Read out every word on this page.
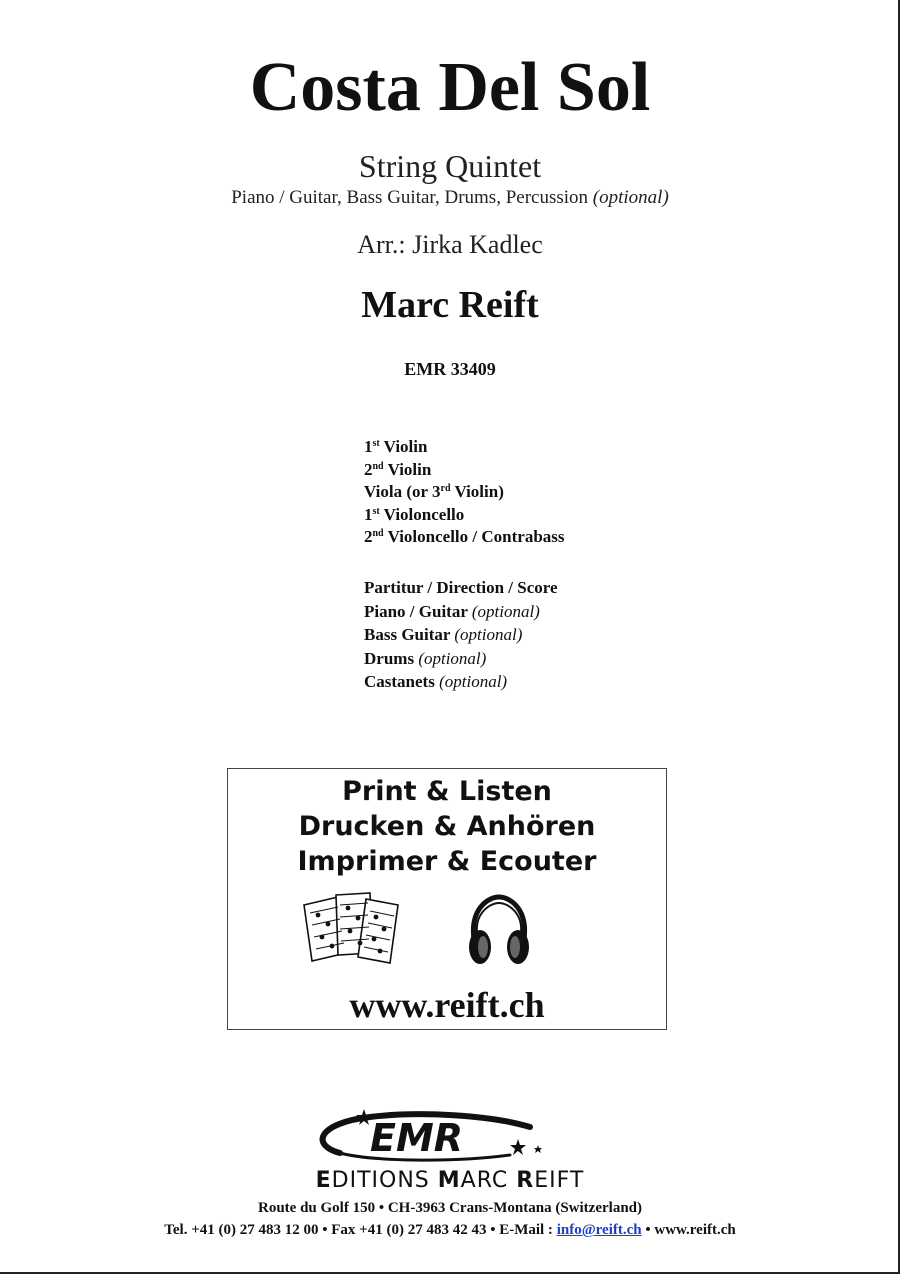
Costa Del Sol
String Quintet
Piano / Guitar, Bass Guitar, Drums, Percussion (optional)
Arr.: Jirka Kadlec
Marc Reift
EMR 33409
1st Violin
2nd Violin
Viola (or 3rd Violin)
1st Violoncello
2nd Violoncello / Contrabass
Partitur / Direction / Score
Piano / Guitar (optional)
Bass Guitar (optional)
Drums (optional)
Castanets (optional)
Print & Listen
Drucken & Anhören
Imprimer & Ecouter
www.reift.ch
EMR
EDITIONS MARC REIFT
Route du Golf 150 • CH-3963 Crans-Montana (Switzerland)
Tel. +41 (0) 27 483 12 00 • Fax +41 (0) 27 483 42 43 • E-Mail : info@reift.ch • www.reift.ch
